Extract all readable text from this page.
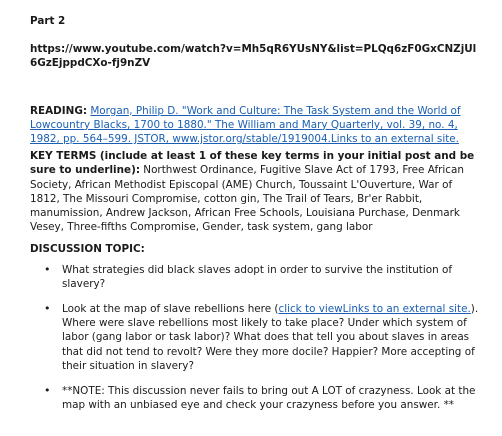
Part 2
https://www.youtube.com/watch?v=Mh5qR6YUsNY&list=PLQq6zF0GxCNZjUl6GzEjppdCXo-fj9nZV
READING: Morgan, Philip D. "Work and Culture: The Task System and the World of Lowcountry Blacks, 1700 to 1880." The William and Mary Quarterly, vol. 39, no. 4, 1982, pp. 564–599. JSTOR, www.jstor.org/stable/1919004.Links to an external site.
KEY TERMS (include at least 1 of these key terms in your initial post and be sure to underline): Northwest Ordinance, Fugitive Slave Act of 1793, Free African Society, African Methodist Episcopal (AME) Church, Toussaint L'Ouverture, War of 1812, The Missouri Compromise, cotton gin, The Trail of Tears, Br'er Rabbit, manumission, Andrew Jackson, African Free Schools, Louisiana Purchase, Denmark Vesey, Three-fifths Compromise, Gender, task system, gang labor
DISCUSSION TOPIC:
• What strategies did black slaves adopt in order to survive the institution of slavery?
• Look at the map of slave rebellions here (click to viewLinks to an external site.). Where were slave rebellions most likely to take place? Under which system of labor (gang labor or task labor)? What does that tell you about slaves in areas that did not tend to revolt? Were they more docile? Happier? More accepting of their situation in slavery?
• **NOTE: This discussion never fails to bring out A LOT of crazyness. Look at the map with an unbiased eye and check your crazyness before you answer. **
